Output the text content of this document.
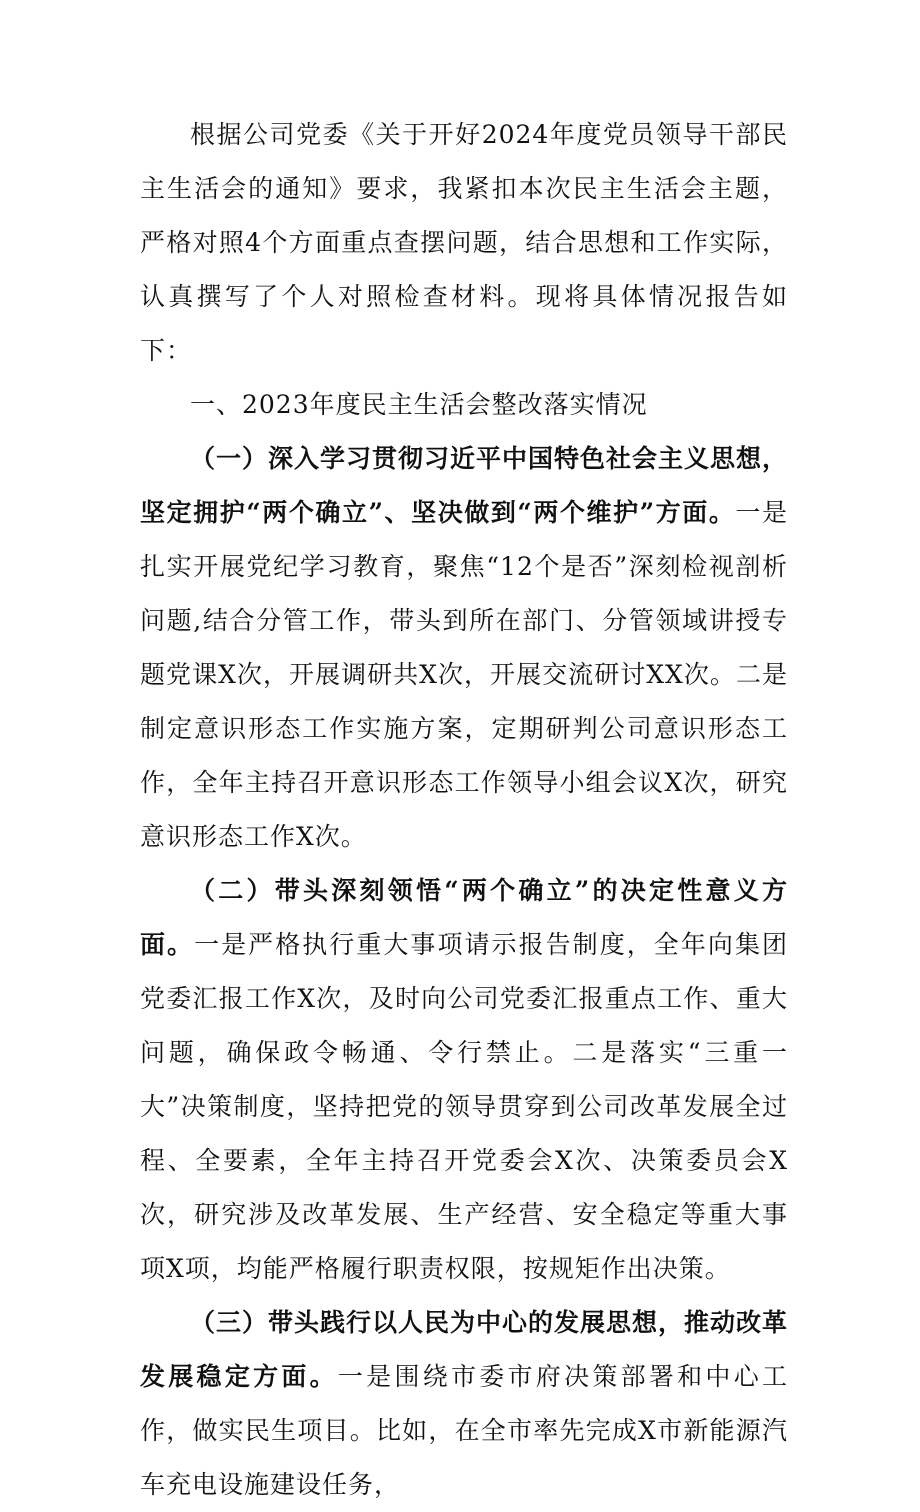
根据公司党委《关于开好2024年度党员领导干部民主生活会的通知》要求，我紧扣本次民主生活会主题，严格对照4个方面重点查摆问题，结合思想和工作实际，认真撰写了个人对照检查材料。现将具体情况报告如下：

一、2023年度民主生活会整改落实情况

（一）深入学习贯彻习近平中国特色社会主义思想，坚定拥护“两个确立”、坚决做到“两个维护”方面。一是扎实开展党纪学习教育，聚焦“12个是否”深刻检视剖析问题,结合分管工作，带头到所在部门、分管领域讲授专题党课X次，开展调研共X次，开展交流研讨XX次。二是制定意识形态工作实施方案，定期研判公司意识形态工作，全年主持召开意识形态工作领导小组会议X次，研究意识形态工作X次。

（二）带头深刻领悟“两个确立”的决定性意义方面。一是严格执行重大事项请示报告制度，全年向集团党委汇报工作X次，及时向公司党委汇报重点工作、重大问题，确保政令畅通、令行禁止。二是落实“三重一大”决策制度，坚持把党的领导贯穿到公司改革发展全过程、全要素，全年主持召开党委会X次、决策委员会X次，研究涉及改革发展、生产经营、安全稳定等重大事项X项，均能严格履行职责权限，按规矩作出决策。

（三）带头践行以人民为中心的发展思想，推动改革发展稳定方面。一是围绕市委市府决策部署和中心工作，做实民生项目。比如，在全市率先完成X市新能源汽车充电设施建设任务，
